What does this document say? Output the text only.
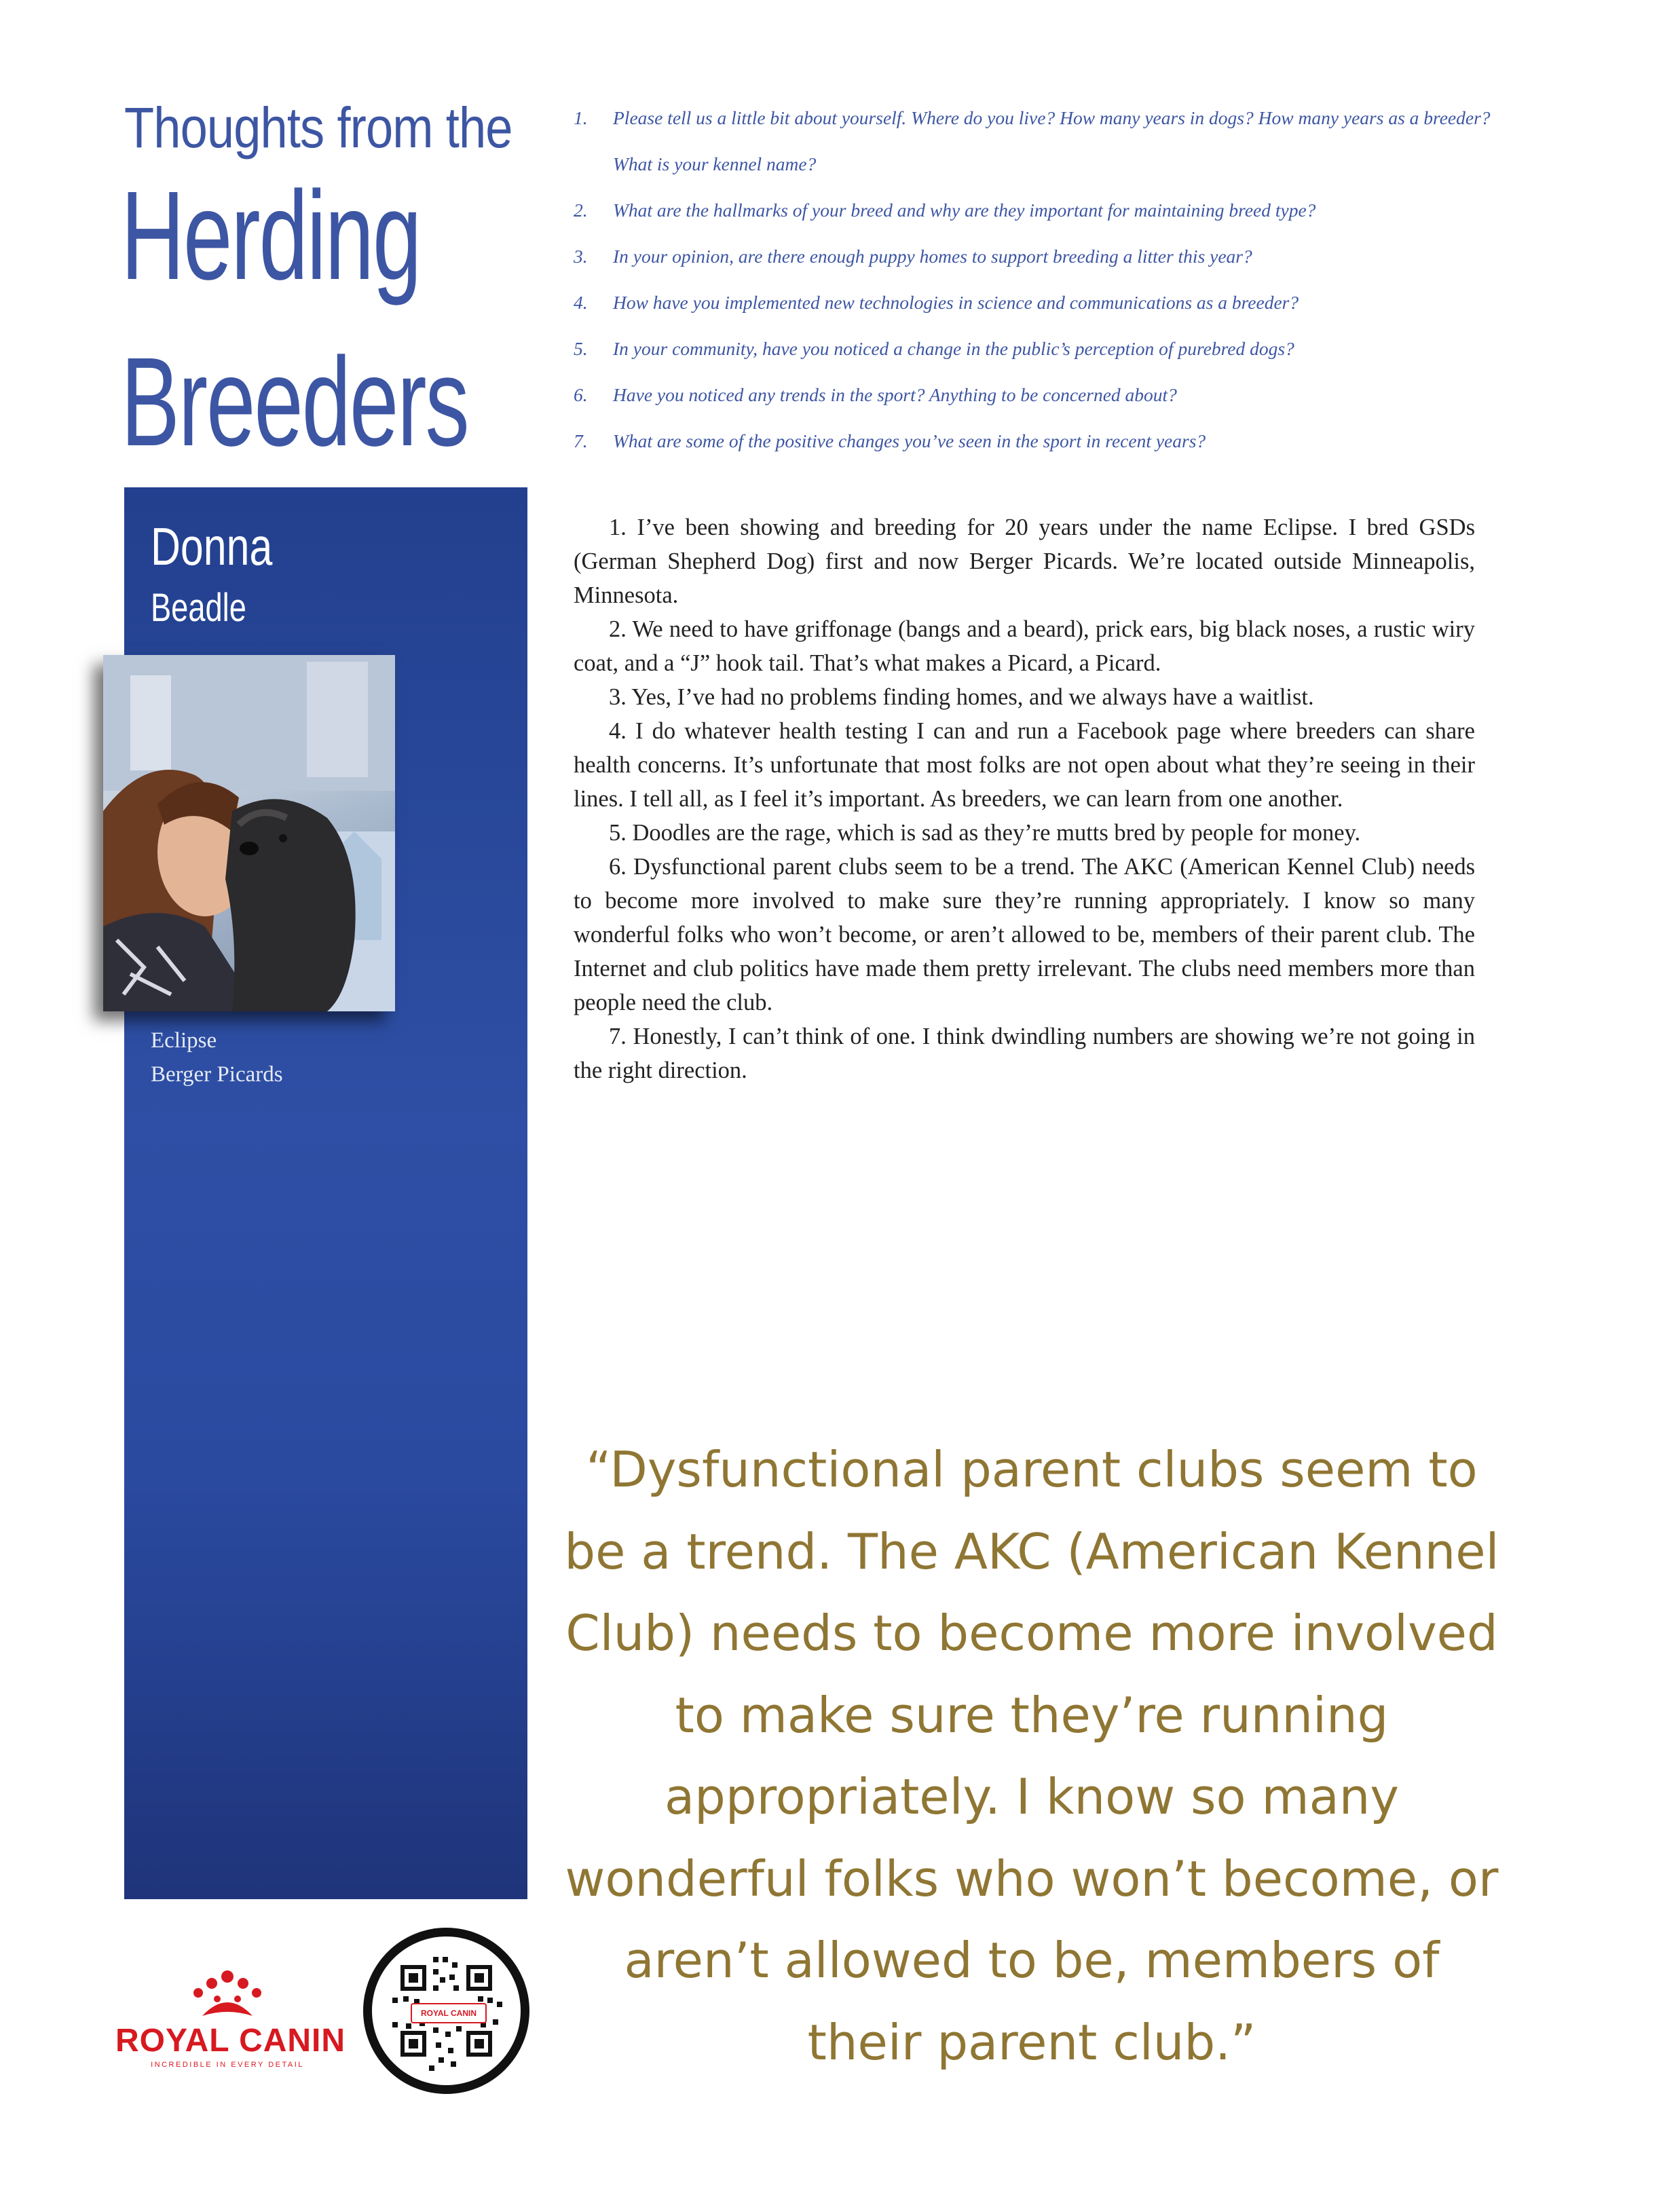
Thoughts from the
Herding
Breeders
1. Please tell us a little bit about yourself. Where do you live? How many years in dogs? How many years as a breeder? What is your kennel name?
2. What are the hallmarks of your breed and why are they important for maintaining breed type?
3. In your opinion, are there enough puppy homes to support breeding a litter this year?
4. How have you implemented new technologies in science and communications as a breeder?
5. In your community, have you noticed a change in the public’s perception of purebred dogs?
6. Have you noticed any trends in the sport? Anything to be concerned about?
7. What are some of the positive changes you’ve seen in the sport in recent years?
Donna
Beadle
Eclipse
Berger Picards

1. I’ve been showing and breeding for 20 years under the name Eclipse. I bred GSDs (German Shepherd Dog) first and now Berger Picards. We’re located outside Minneapolis, Minnesota.

2. We need to have griffonage (bangs and a beard), prick ears, big black noses, a rustic wiry coat, and a “J” hook tail. That’s what makes a Picard, a Picard.

3. Yes, I’ve had no problems finding homes, and we always have a waitlist.

4. I do whatever health testing I can and run a Facebook page where breeders can share health concerns. It’s unfortunate that most folks are not open about what they’re seeing in their lines. I tell all, as I feel it’s important. As breeders, we can learn from one another.

5. Doodles are the rage, which is sad as they’re mutts bred by people for money.

6. Dysfunctional parent clubs seem to be a trend. The AKC (American Kennel Club) needs to become more involved to make sure they’re running appropriately. I know so many wonderful folks who won’t become, or aren’t allowed to be, members of their parent club. The Internet and club politics have made them pretty irrelevant. The clubs need members more than people need the club.

7. Honestly, I can’t think of one. I think dwindling numbers are showing we’re not going in the right direction.

“Dysfunctional parent clubs seem to be a trend. The AKC (American Kennel Club) needs to become more involved to make sure they’re running appropriately. I know so many wonderful folks who won’t become, or aren’t allowed to be, members of their parent club.”
ROYAL CANIN
INCREDIBLE IN EVERY DETAIL
ROYAL CANIN
